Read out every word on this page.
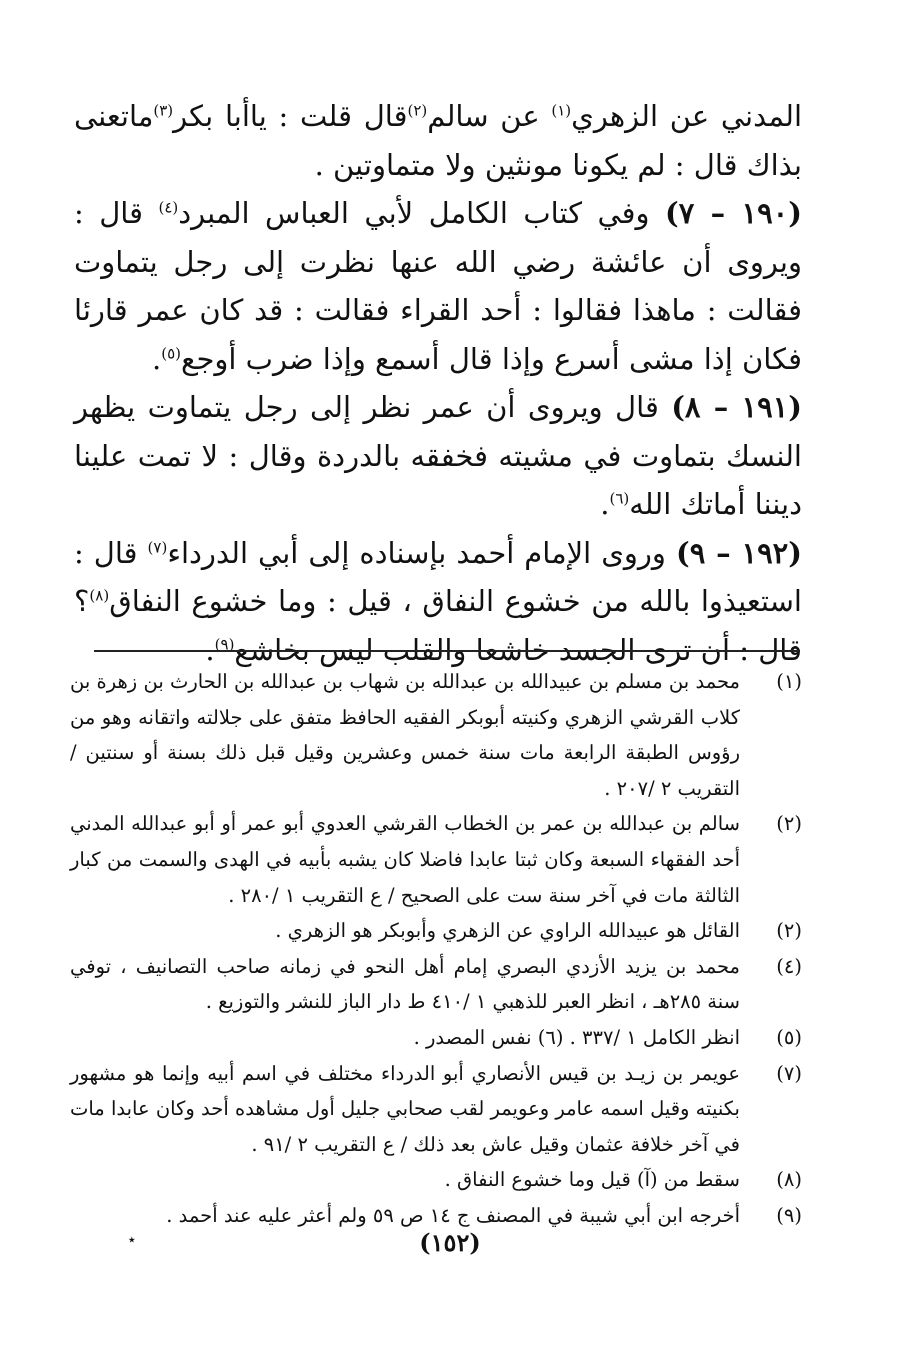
المدني عن الزهري$^{(١)}$ عن سالم$^{(٢)}$قال قلت : ياأبا بكر$^{(٣)}$ماتعنى بذاك قال : لم يكونا مونثين ولا متماوتين .

(١٩٠ – ٧) وفي كتاب الكامل لأبي العباس المبرد$^{(٤)}$ قال : ويروى أن عائشة رضي الله عنها نظرت إلى رجل يتماوت فقالت : ماهذا فقالوا : أحد القراء فقالت : قد كان عمر قارئا فكان إذا مشى أسرع وإذا قال أسمع وإذا ضرب أوجع$^{(٥)}$.

(١٩١ – ٨) قال ويروى أن عمر نظر إلى رجل يتماوت يظهر النسك بتماوت في مشيته فخفقه بالدردة وقال : لا تمت علينا ديننا أماتك الله$^{(٦)}$.

(١٩٢ – ٩) وروى الإمام أحمد بإسناده إلى أبي الدرداء$^{(٧)}$ قال : استعيذوا بالله من خشوع النفاق ، قيل : وما خشوع النفاق$^{(٨)}$؟ قال : أن ترى الجسد خاشعا والقلب ليس بخاشع$^{(٩)}$.

(١)
محمد بن مسلم بن عبيدالله بن عبدالله بن شهاب بن عبدالله بن الحارث بن زهرة بن كلاب القرشي الزهري وكنيته أبوبكر الفقيه الحافظ متفق على جلالته واتقانه وهو من رؤوس الطبقة الرابعة مات سنة خمس وعشرين وقيل قبل ذلك بسنة أو سنتين / التقريب ٢ /٢٠٧ .
(٢)
سالم بن عبدالله بن عمر بن الخطاب القرشي العدوي أبو عمر أو أبو عبدالله المدني أحد الفقهاء السبعة وكان ثبتا عابدا فاضلا كان يشبه بأبيه في الهدى والسمت من كبار الثالثة مات في آخر سنة ست على الصحيح / ع التقريب ١ /٢٨٠ .
(٢)
القائل هو عبيدالله الراوي عن الزهري وأبوبكر هو الزهري .
(٤)
محمد بن يزيد الأزدي البصري إمام أهل النحو في زمانه صاحب التصانيف ، توفي سنة ٢٨٥هـ ، انظر العبر للذهبي ١ /٤١٠ ط دار الباز للنشر والتوزيع .
(٥)
انظر الكامل ١ /٣٣٧ . (٦) نفس المصدر .
(٧)
عويمر بن زيـد بن قيس الأنصاري أبو الدرداء مختلف في اسم أبيه وإنما هو مشهور بكنيته وقيل اسمه عامر وعويمر لقب صحابي جليل أول مشاهده أحد وكان عابدا مات في آخر خلافة عثمان وقيل عاش بعد ذلك / ع التقريب ٢ /٩١ .
(٨)
سقط من (آ) قيل وما خشوع النفاق .
(٩)
أخرجه ابن أبي شيبة في المصنف ج ١٤ ص ٥٩ ولم أعثر عليه عند أحمد .
٭	(١٥٢)
